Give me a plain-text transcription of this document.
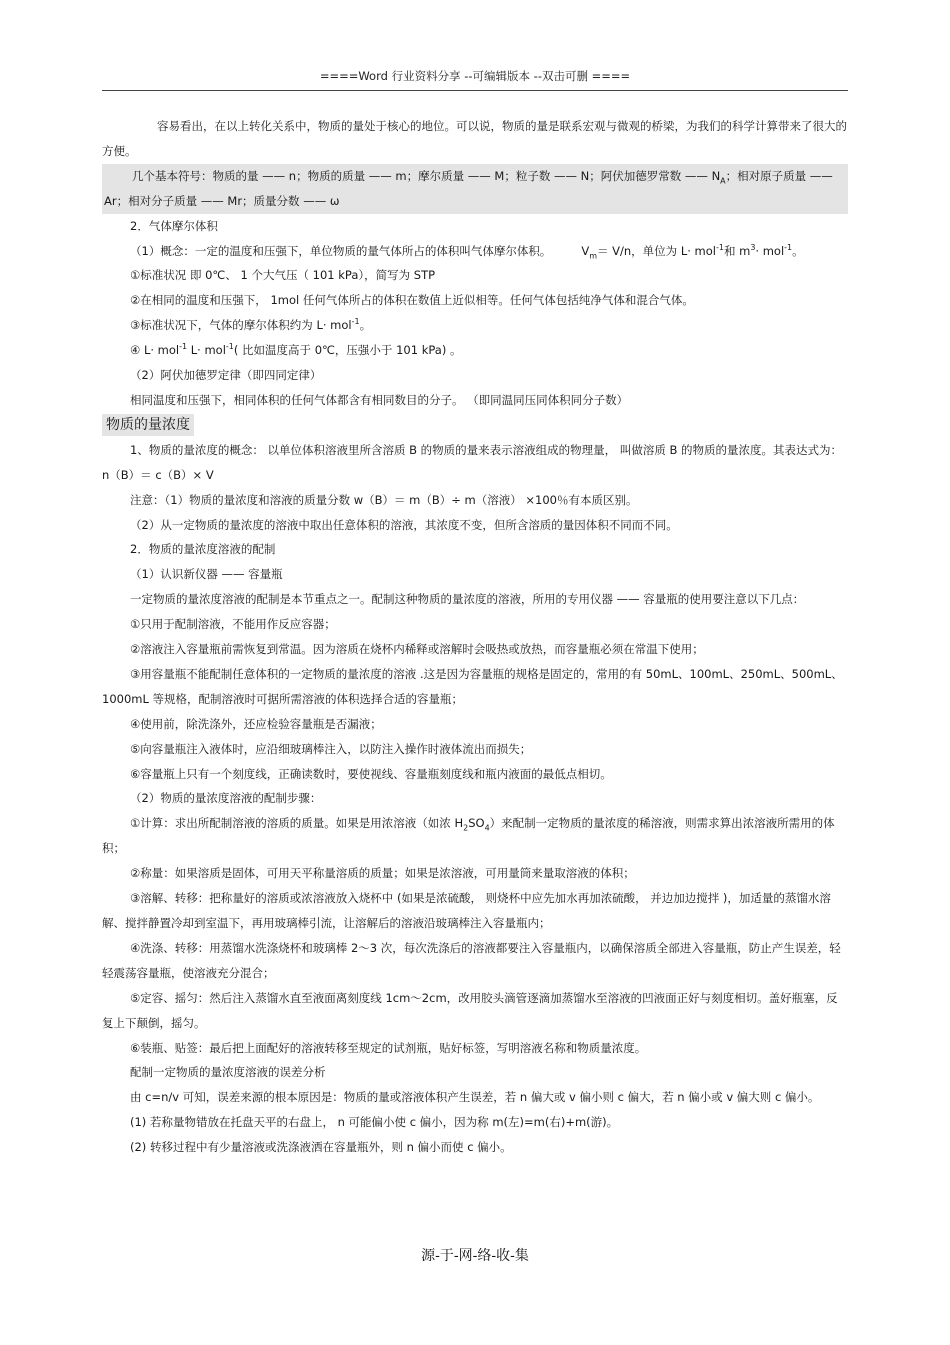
====Word 行业资料分享 --可编辑版本 --双击可删 ====

容易看出，在以上转化关系中，物质的量处于核心的地位。可以说，物质的量是联系宏观与微观的桥梁，为我们的科学计算带来了很大的方便。

几个基本符号：物质的量 —— n；物质的质量 —— m；摩尔质量 —— M；粒子数 —— N；阿伏加德罗常数 —— $N_A$；相对原子质量 —— Ar；相对分子质量 —— Mr；质量分数 —— ω

2．气体摩尔体积

（1）概念：一定的温度和压强下，单位物质的量气体所占的体积叫气体摩尔体积。	$V_m= V/n$，单位为 L· mol$^{-1}$和 $m^3\cdot mol^{-1}$。

①标准状况 即 0℃、 1 个大气压（ 101 kPa），简写为 STP

②在相同的温度和压强下， 1mol 任何气体所占的体积在数值上近似相等。任何气体包括纯净气体和混合气体。

③标准状况下，气体的摩尔体积约为 L· mol$^{-1}$。

④ L· mol$^{-1}$ L· mol$^{-1}$( 比如温度高于 0℃，压强小于 101 kPa) 。

（2）阿伏加德罗定律（即四同定律）

相同温度和压强下，相同体积的任何气体都含有相同数目的分子。 （即同温同压同体积同分子数）

物质的量浓度

1、物质的量浓度的概念： 以单位体积溶液里所含溶质 B 的物质的量来表示溶液组成的物理量， 叫做溶质 B 的物质的量浓度。其表达式为： n（B）＝ c（B）× V

注意：（1）物质的量浓度和溶液的质量分数 w（B）＝ m（B）÷ m（溶液） ×100％有本质区别。

（2）从一定物质的量浓度的溶液中取出任意体积的溶液，其浓度不变，但所含溶质的量因体积不同而不同。

2．物质的量浓度溶液的配制

（1）认识新仪器 —— 容量瓶

一定物质的量浓度溶液的配制是本节重点之一。配制这种物质的量浓度的溶液，所用的专用仪器 —— 容量瓶的使用要注意以下几点：

①只用于配制溶液，不能用作反应容器；

②溶液注入容量瓶前需恢复到常温。因为溶质在烧杯内稀释或溶解时会吸热或放热，而容量瓶必须在常温下使用；

③用容量瓶不能配制任意体积的一定物质的量浓度的溶液 .这是因为容量瓶的规格是固定的，常用的有 50mL、100mL、250mL、500mL、1000mL 等规格，配制溶液时可据所需溶液的体积选择合适的容量瓶；

④使用前，除洗涤外，还应检验容量瓶是否漏液；

⑤向容量瓶注入液体时，应沿细玻璃棒注入，以防注入操作时液体流出而损失；

⑥容量瓶上只有一个刻度线，正确读数时，要使视线、容量瓶刻度线和瓶内液面的最低点相切。

（2）物质的量浓度溶液的配制步骤：

①计算：求出所配制溶液的溶质的质量。如果是用浓溶液（如浓 $H_2SO_4$）来配制一定物质的量浓度的稀溶液，则需求算出浓溶液所需用的体积；

②称量：如果溶质是固体，可用天平称量溶质的质量；如果是浓溶液，可用量筒来量取溶液的体积；

③溶解、转移：把称量好的溶质或浓溶液放入烧杯中 (如果是浓硫酸， 则烧杯中应先加水再加浓硫酸， 并边加边搅拌 )，加适量的蒸馏水溶解、搅拌静置冷却到室温下，再用玻璃棒引流，让溶解后的溶液沿玻璃棒注入容量瓶内；

④洗涤、转移：用蒸馏水洗涤烧杯和玻璃棒 2～3 次，每次洗涤后的溶液都要注入容量瓶内，以确保溶质全部进入容量瓶，防止产生误差，轻轻震荡容量瓶，使溶液充分混合；

⑤定容、摇匀：然后注入蒸馏水直至液面离刻度线 1cm～2cm，改用胶头滴管逐滴加蒸馏水至溶液的凹液面正好与刻度相切。盖好瓶塞，反复上下颠倒，摇匀。

⑥装瓶、贴签：最后把上面配好的溶液转移至规定的试剂瓶，贴好标签，写明溶液名称和物质量浓度。

配制一定物质的量浓度溶液的误差分析

由 c=n/v 可知，误差来源的根本原因是：物质的量或溶液体积产生误差，若 n 偏大或 v 偏小则 c 偏大，若 n 偏小或 v 偏大则 c 偏小。

(1) 若称量物错放在托盘天平的右盘上， n 可能偏小使 c 偏小，因为称 m(左)=m(右)+m(游)。

(2) 转移过程中有少量溶液或洗涤液洒在容量瓶外，则 n 偏小而使 c 偏小。

源-于-网-络-收-集
